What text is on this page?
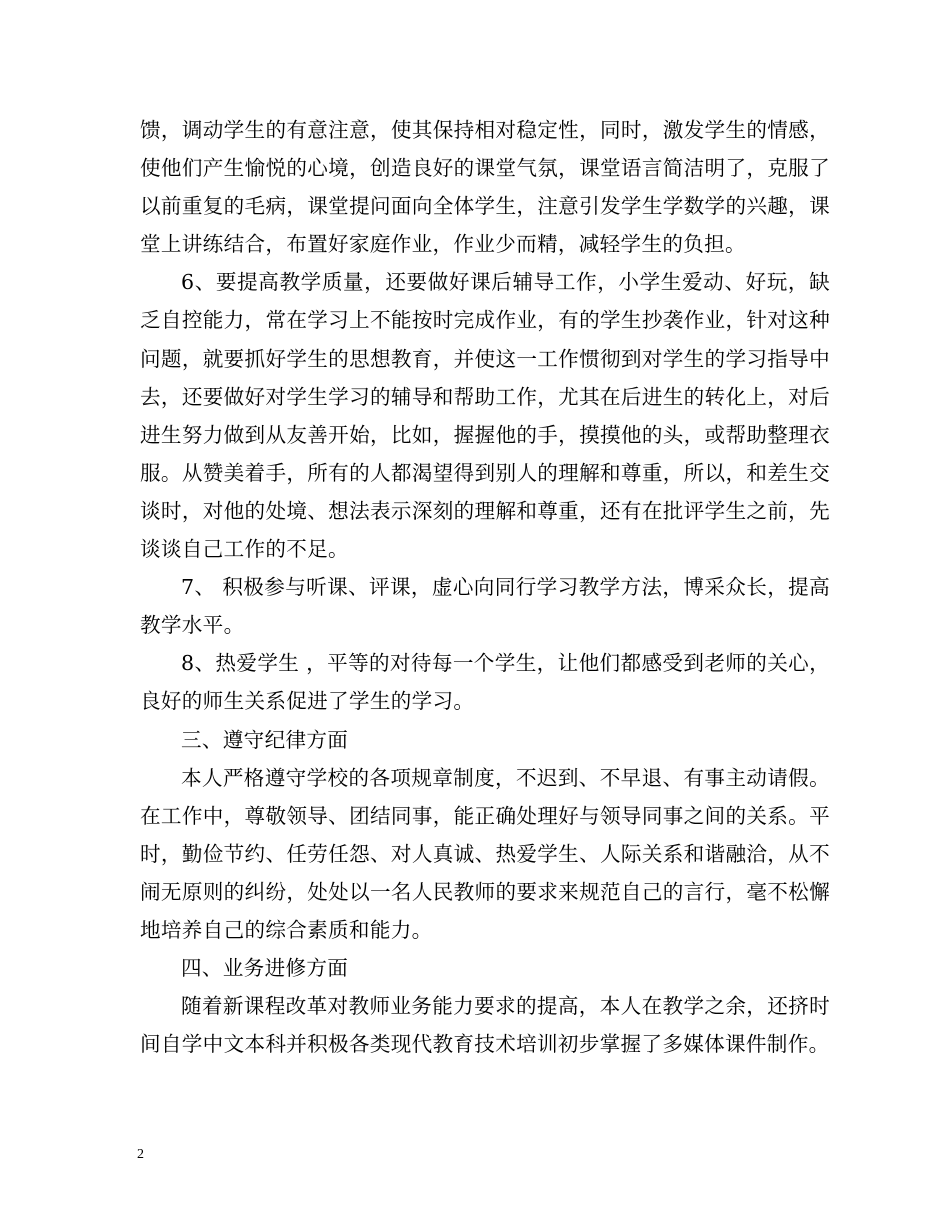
馈，调动学生的有意注意，使其保持相对稳定性，同时，激发学生的情感，使他们产生愉悦的心境，创造良好的课堂气氛，课堂语言简洁明了，克服了以前重复的毛病，课堂提问面向全体学生，注意引发学生学数学的兴趣，课堂上讲练结合，布置好家庭作业，作业少而精，减轻学生的负担。

6、要提高教学质量，还要做好课后辅导工作，小学生爱动、好玩，缺乏自控能力，常在学习上不能按时完成作业，有的学生抄袭作业，针对这种问题，就要抓好学生的思想教育，并使这一工作惯彻到对学生的学习指导中去，还要做好对学生学习的辅导和帮助工作，尤其在后进生的转化上，对后进生努力做到从友善开始，比如，握握他的手，摸摸他的头，或帮助整理衣服。从赞美着手，所有的人都渴望得到别人的理解和尊重，所以，和差生交谈时，对他的处境、想法表示深刻的理解和尊重，还有在批评学生之前，先谈谈自己工作的不足。

7、 积极参与听课、评课，虚心向同行学习教学方法，博采众长，提高教学水平。

8、热爱学生 ，平等的对待每一个学生，让他们都感受到老师的关心，良好的师生关系促进了学生的学习。

三、遵守纪律方面

本人严格遵守学校的各项规章制度，不迟到、不早退、有事主动请假。在工作中，尊敬领导、团结同事，能正确处理好与领导同事之间的关系。平时，勤俭节约、任劳任怨、对人真诚、热爱学生、人际关系和谐融洽，从不闹无原则的纠纷，处处以一名人民教师的要求来规范自己的言行，毫不松懈地培养自己的综合素质和能力。

四、业务进修方面

随着新课程改革对教师业务能力要求的提高，本人在教学之余，还挤时间自学中文本科并积极各类现代教育技术培训初步掌握了多媒体课件制作。

2
